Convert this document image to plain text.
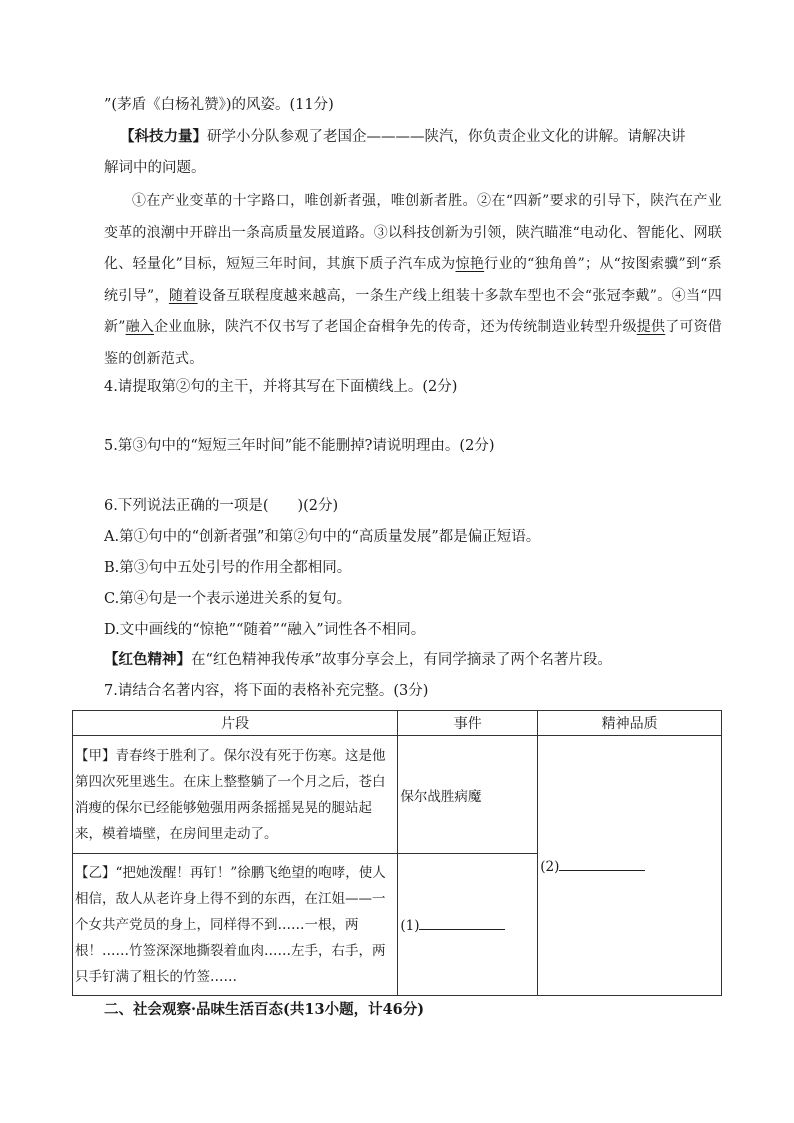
”(茅盾《白杨礼赞》)的风姿。(11分)
【科技力量】研学小分队参观了老国企————陕汽，你负责企业文化的讲解。请解决讲
解词中的问题。

①在产业变革的十字路口，唯创新者强，唯创新者胜。②在“四新”要求的引导下，陕汽在产业变革的浪潮中开辟出一条高质量发展道路。③以科技创新为引领，陕汽瞄准“电动化、智能化、网联化、轻量化”目标，短短三年时间，其旗下质子汽车成为惊艳行业的“独角兽”；从“按图索骥”到“系统引导”，随着设备互联程度越来越高，一条生产线上组装十多款车型也不会“张冠李戴”。④当“四新”融入企业血脉，陕汽不仅书写了老国企奋楫争先的传奇，还为传统制造业转型升级提供了可资借鉴的创新范式。

4.请提取第②句的主干，并将其写在下面横线上。(2分)
5.第③句中的“短短三年时间”能不能删掉?请说明理由。(2分)
6.下列说法正确的一项是(　　)(2分)
A.第①句中的“创新者强”和第②句中的“高质量发展”都是偏正短语。
B.第③句中五处引号的作用全都相同。
C.第④句是一个表示递进关系的复句。
D.文中画线的“惊艳”“随着”“融入”词性各不相同。
【红色精神】在“红色精神我传承”故事分享会上，有同学摘录了两个名著片段。
7.请结合名著内容，将下面的表格补充完整。(3分)
片段	事件	精神品质
【甲】青春终于胜利了。保尔没有死于伤寒。这是他第四次死里逃生。在床上整整躺了一个月之后，苍白消瘦的保尔已经能够勉强用两条摇摇晃晃的腿站起来，模着墙壁，在房间里走动了。	保尔战胜病魔	(2)
【乙】“把她泼醒！再钉！”徐鹏飞绝望的咆哮，使人相信，敌人从老许身上得不到的东西，在江姐——一个女共产党员的身上，同样得不到……一根，两根！……竹签深深地撕裂着血肉……左手，右手，两只手钉满了粗长的竹签……	(1)	
二、社会观察·品味生活百态(共13小题，计46分)
